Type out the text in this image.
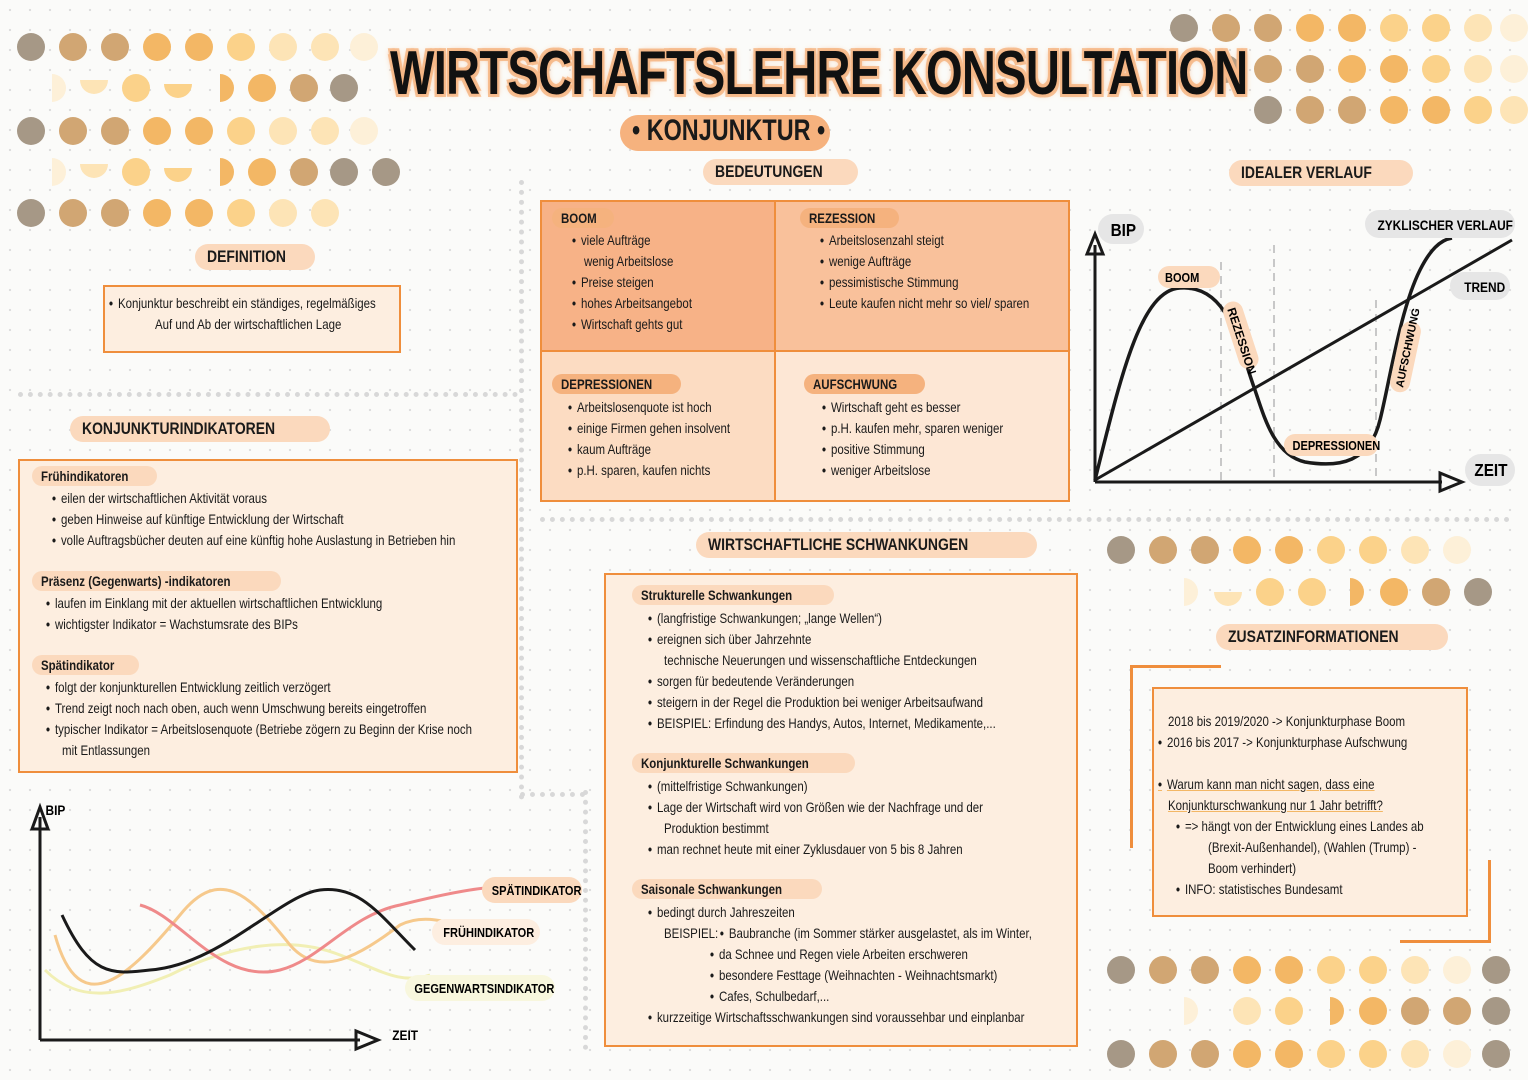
WIRTSCHAFTSLEHRE KONSULTATION
• KONJUNKTUR •
DEFINITION
• Konjunktur beschreibt ein ständiges, regelmäßiges
Auf und Ab der wirtschaftlichen Lage
KONJUNKTURINDIKATOREN
Frühindikatoren
• eilen der wirtschaftlichen Aktivität voraus
• geben Hinweise auf künftige Entwicklung der Wirtschaft
• volle Auftragsbücher deuten auf eine künftig hohe Auslastung in Betrieben hin
Präsenz (Gegenwarts) -indikatoren
• laufen im Einklang mit der aktuellen wirtschaftlichen Entwicklung
• wichtigster Indikator = Wachstumsrate des BIPs
Spätindikator
• folgt der konjunkturellen Entwicklung zeitlich verzögert
• Trend zeigt noch nach oben, auch wenn Umschwung bereits eingetroffen
• typischer Indikator = Arbeitslosenquote (Betriebe zögern zu Beginn der Krise noch
mit Entlassungen
BIP
ZEIT
SPÄTINDIKATOR
FRÜHINDIKATOR
GEGENWARTSINDIKATOR
BEDEUTUNGEN
BOOM
• viele Aufträge
wenig Arbeitslose
• Preise steigen
• hohes Arbeitsangebot
• Wirtschaft gehts gut
REZESSION
• Arbeitslosenzahl steigt
• wenige Aufträge
• pessimistische Stimmung
• Leute kaufen nicht mehr so viel/ sparen
DEPRESSIONEN
• Arbeitslosenquote ist hoch
• einige Firmen gehen insolvent
• kaum Aufträge
• p.H. sparen, kaufen nichts
AUFSCHWUNG
• Wirtschaft geht es besser
• p.H. kaufen mehr, sparen weniger
• positive Stimmung
• weniger Arbeitslose
IDEALER VERLAUF
BIP
ZEIT
ZYKLISCHER VERLAUF
TREND
BOOM
REZESSION
DEPRESSIONEN
AUFSCHWUNG
WIRTSCHAFTLICHE SCHWANKUNGEN
Strukturelle Schwankungen
• (langfristige Schwankungen; „lange Wellen“)
• ereignen sich über Jahrzehnte
technische Neuerungen und wissenschaftliche Entdeckungen
• sorgen für bedeutende Veränderungen
• steigern in der Regel die Produktion bei weniger Arbeitsaufwand
• BEISPIEL: Erfindung des Handys, Autos, Internet, Medikamente,...
Konjunkturelle Schwankungen
• (mittelfristige Schwankungen)
• Lage der Wirtschaft wird von Größen wie der Nachfrage und der
Produktion bestimmt
• man rechnet heute mit einer Zyklusdauer von 5 bis 8 Jahren
Saisonale Schwankungen
• bedingt durch Jahreszeiten
BEISPIEL:• Baubranche (im Sommer stärker ausgelastet, als im Winter,
• da Schnee und Regen viele Arbeiten erschweren
• besondere Festtage (Weihnachten - Weihnachtsmarkt)
• Cafes, Schulbedarf,...
• kurzzeitige Wirtschaftsschwankungen sind voraussehbar und einplanbar
ZUSATZINFORMATIONEN
2018 bis 2019/2020 -> Konjunkturphase Boom
• 2016 bis 2017 -> Konjunkturphase Aufschwung
• Warum kann man nicht sagen, dass eine
Konjunkturschwankung nur 1 Jahr betrifft?
• => hängt von der Entwicklung eines Landes ab
(Brexit-Außenhandel), (Wahlen (Trump) -
Boom verhindert)
• INFO: statistisches Bundesamt
